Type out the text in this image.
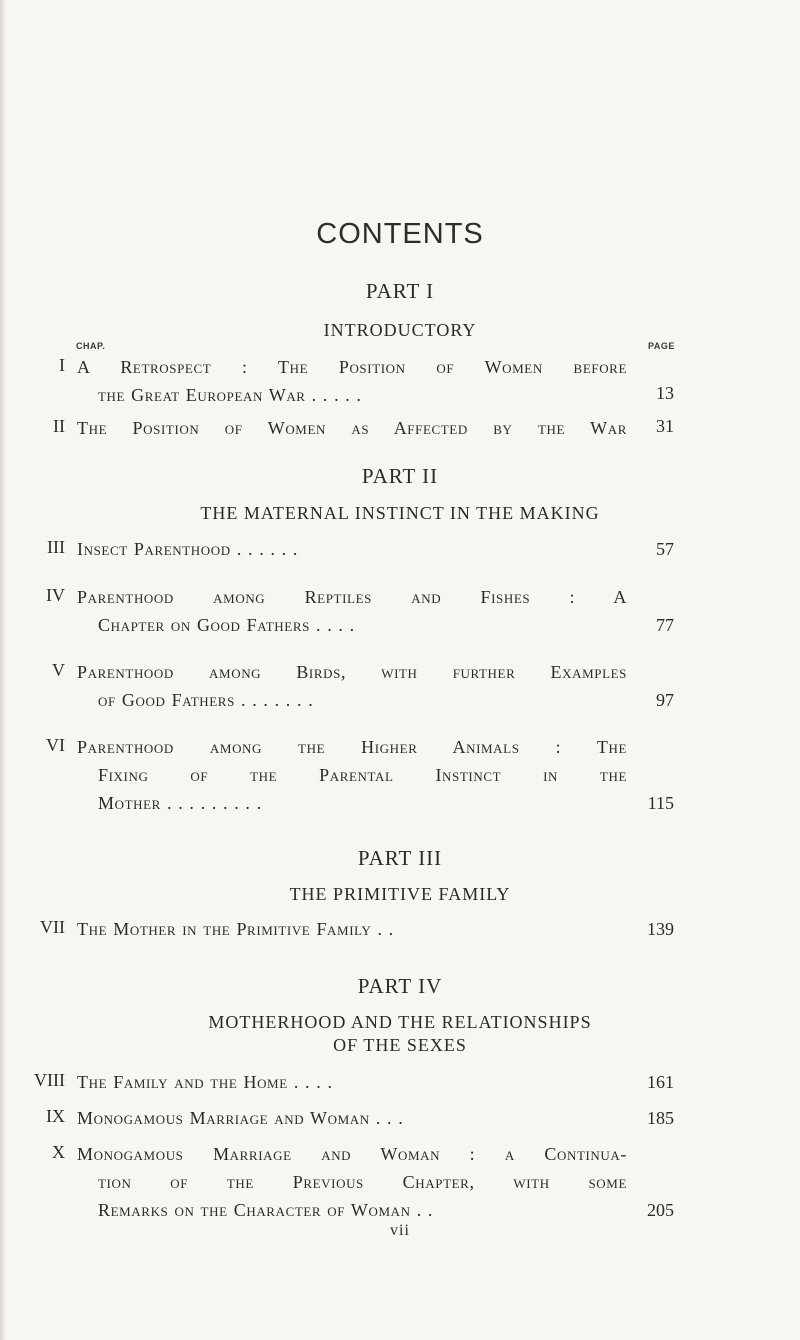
CONTENTS
PART I
INTRODUCTORY
CHAP.	PAGE
I A Retrospect : The Position of Women before
the Great European War . . . . .	13
II The Position of Women as Affected by the War 31
PART II
THE MATERNAL INSTINCT IN THE MAKING
III Insect Parenthood . . . . . .	57
IV Parenthood among Reptiles and Fishes : A
Chapter on Good Fathers . . . .	77
V Parenthood among Birds, with further Examples
of Good Fathers . . . . . . .	97
VI Parenthood among the Higher Animals : The
Fixing of the Parental Instinct in the
Mother . . . . . . . . .	115
PART III
THE PRIMITIVE FAMILY
VII The Mother in the Primitive Family . .	139
PART IV
MOTHERHOOD AND THE RELATIONSHIPS
OF THE SEXES
VIII The Family and the Home . . . .	161
IX Monogamous Marriage and Woman . . .	185
X Monogamous Marriage and Woman : a Continua-
tion of the Previous Chapter, with some
Remarks on the Character of Woman . .	205
vii
